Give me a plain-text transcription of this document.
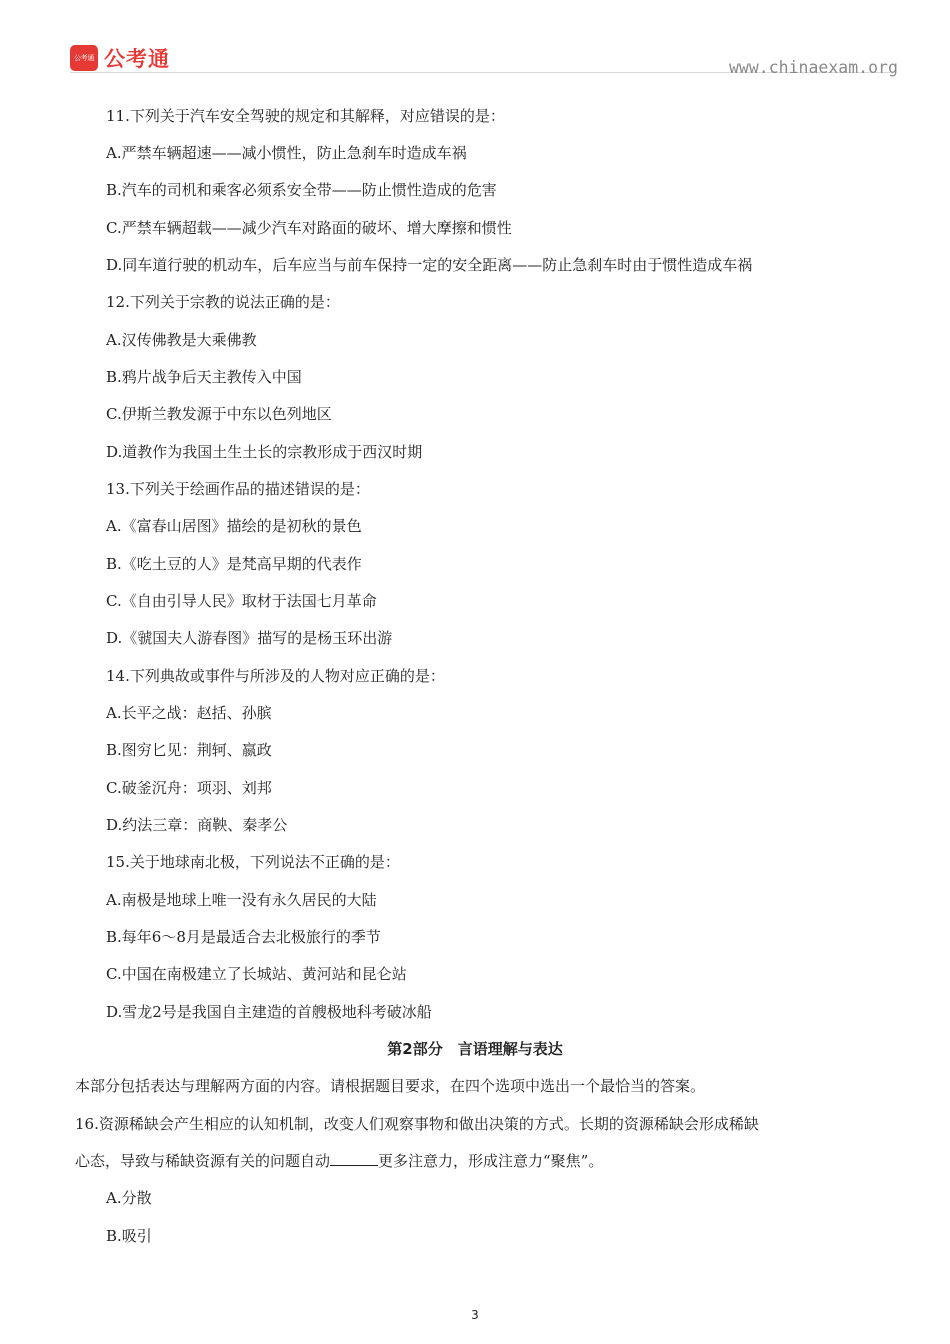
公考通 公考通	www.chinaexam.org
11.下列关于汽车安全驾驶的规定和其解释，对应错误的是：
A.严禁车辆超速——减小惯性，防止急刹车时造成车祸
B.汽车的司机和乘客必须系安全带——防止惯性造成的危害
C.严禁车辆超载——减少汽车对路面的破坏、增大摩擦和惯性
D.同车道行驶的机动车，后车应当与前车保持一定的安全距离——防止急刹车时由于惯性造成车祸
12.下列关于宗教的说法正确的是：
A.汉传佛教是大乘佛教
B.鸦片战争后天主教传入中国
C.伊斯兰教发源于中东以色列地区
D.道教作为我国土生土长的宗教形成于西汉时期
13.下列关于绘画作品的描述错误的是：
A.《富春山居图》描绘的是初秋的景色
B.《吃土豆的人》是梵高早期的代表作
C.《自由引导人民》取材于法国七月革命
D.《虢国夫人游春图》描写的是杨玉环出游
14.下列典故或事件与所涉及的人物对应正确的是：
A.长平之战：赵括、孙膑
B.图穷匕见：荆轲、嬴政
C.破釜沉舟：项羽、刘邦
D.约法三章：商鞅、秦孝公
15.关于地球南北极，下列说法不正确的是：
A.南极是地球上唯一没有永久居民的大陆
B.每年6～8月是最适合去北极旅行的季节
C.中国在南极建立了长城站、黄河站和昆仑站
D.雪龙2号是我国自主建造的首艘极地科考破冰船
第2部分　言语理解与表达
本部分包括表达与理解两方面的内容。请根据题目要求，在四个选项中选出一个最恰当的答案。
16.资源稀缺会产生相应的认知机制，改变人们观察事物和做出决策的方式。长期的资源稀缺会形成稀缺
心态，导致与稀缺资源有关的问题自动	更多注意力，形成注意力“聚焦”。
A.分散
B.吸引
3
